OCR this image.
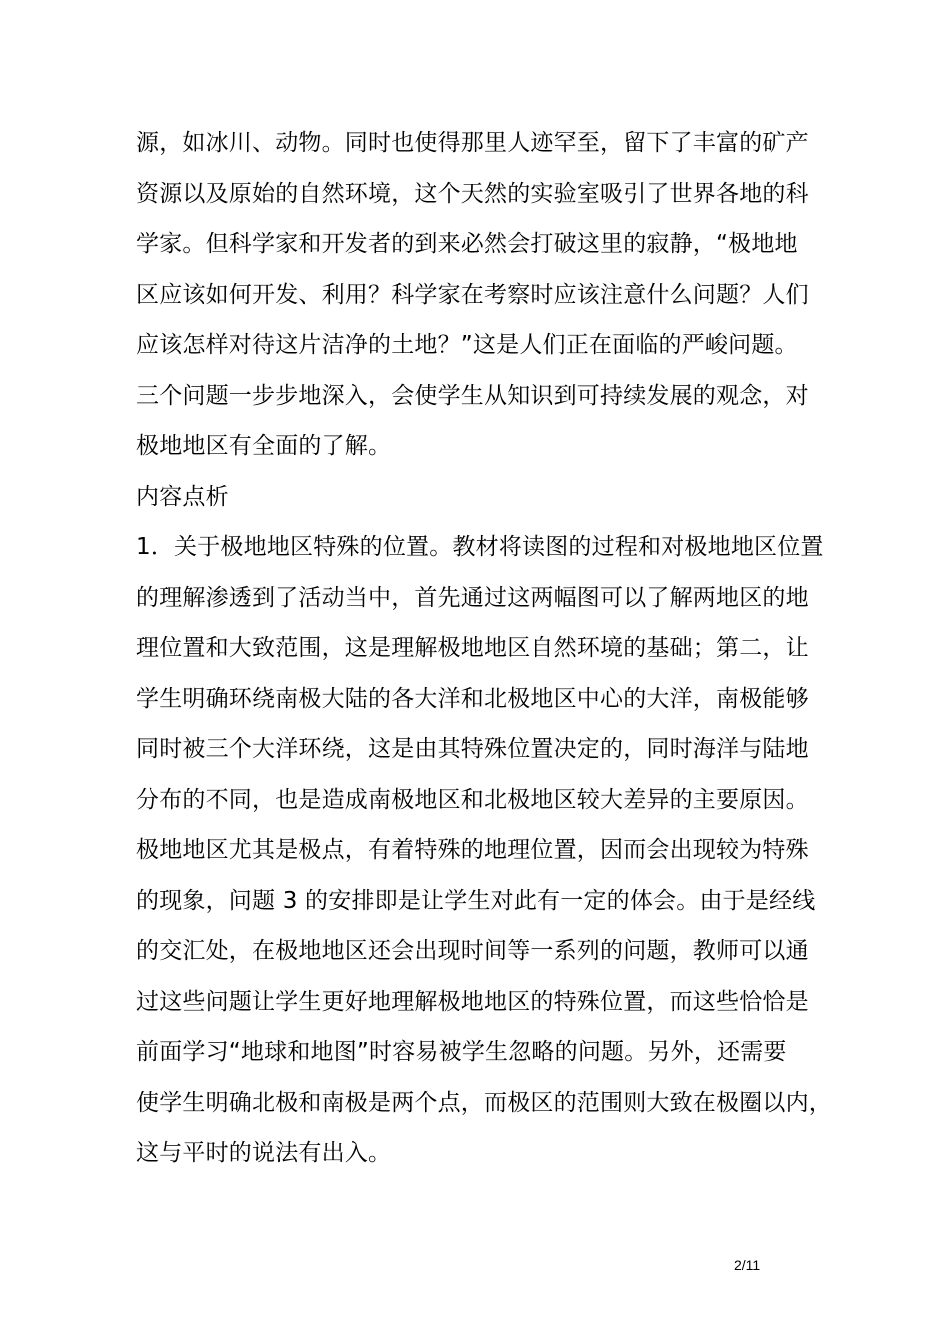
源，如冰川、动物。同时也使得那里人迹罕至，留下了丰富的矿产
资源以及原始的自然环境，这个天然的实验室吸引了世界各地的科
学家。但科学家和开发者的到来必然会打破这里的寂静，“极地地
区应该如何开发、利用？科学家在考察时应该注意什么问题？人们
应该怎样对待这片洁净的土地？”这是人们正在面临的严峻问题。
三个问题一步步地深入，会使学生从知识到可持续发展的观念，对
极地地区有全面的了解。
内容点析
1．关于极地地区特殊的位置。教材将读图的过程和对极地地区位置
的理解渗透到了活动当中，首先通过这两幅图可以了解两地区的地
理位置和大致范围，这是理解极地地区自然环境的基础；第二，让
学生明确环绕南极大陆的各大洋和北极地区中心的大洋，南极能够
同时被三个大洋环绕，这是由其特殊位置决定的，同时海洋与陆地
分布的不同，也是造成南极地区和北极地区较大差异的主要原因。
极地地区尤其是极点，有着特殊的地理位置，因而会出现较为特殊
的现象，问题 3 的安排即是让学生对此有一定的体会。由于是经线
的交汇处，在极地地区还会出现时间等一系列的问题，教师可以通
过这些问题让学生更好地理解极地地区的特殊位置，而这些恰恰是
前面学习“地球和地图”时容易被学生忽略的问题。另外，还需要
使学生明确北极和南极是两个点，而极区的范围则大致在极圈以内，
这与平时的说法有出入。
2/11
